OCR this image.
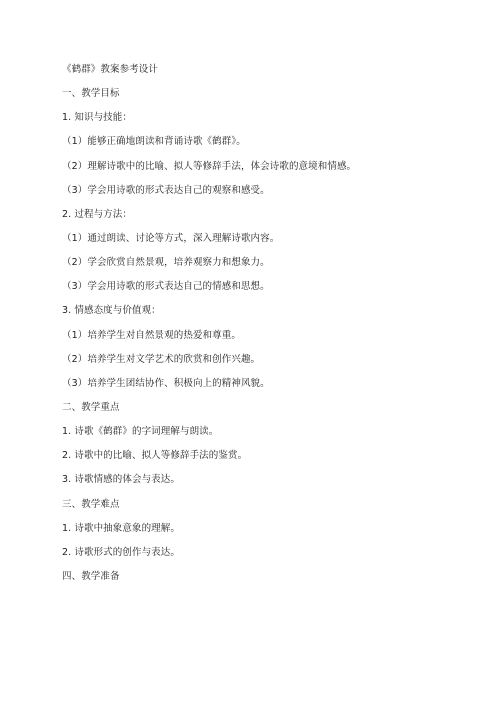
《鹤群》教案参考设计
一、教学目标
1. 知识与技能：
（1）能够正确地朗读和背诵诗歌《鹤群》。
（2）理解诗歌中的比喻、拟人等修辞手法，体会诗歌的意境和情感。
（3）学会用诗歌的形式表达自己的观察和感受。
2. 过程与方法：
（1）通过朗读、讨论等方式，深入理解诗歌内容。
（2）学会欣赏自然景观，培养观察力和想象力。
（3）学会用诗歌的形式表达自己的情感和思想。
3. 情感态度与价值观：
（1）培养学生对自然景观的热爱和尊重。
（2）培养学生对文学艺术的欣赏和创作兴趣。
（3）培养学生团结协作、积极向上的精神风貌。
二、教学重点
1. 诗歌《鹤群》的字词理解与朗读。
2. 诗歌中的比喻、拟人等修辞手法的鉴赏。
3. 诗歌情感的体会与表达。
三、教学难点
1. 诗歌中抽象意象的理解。
2. 诗歌形式的创作与表达。
四、教学准备
